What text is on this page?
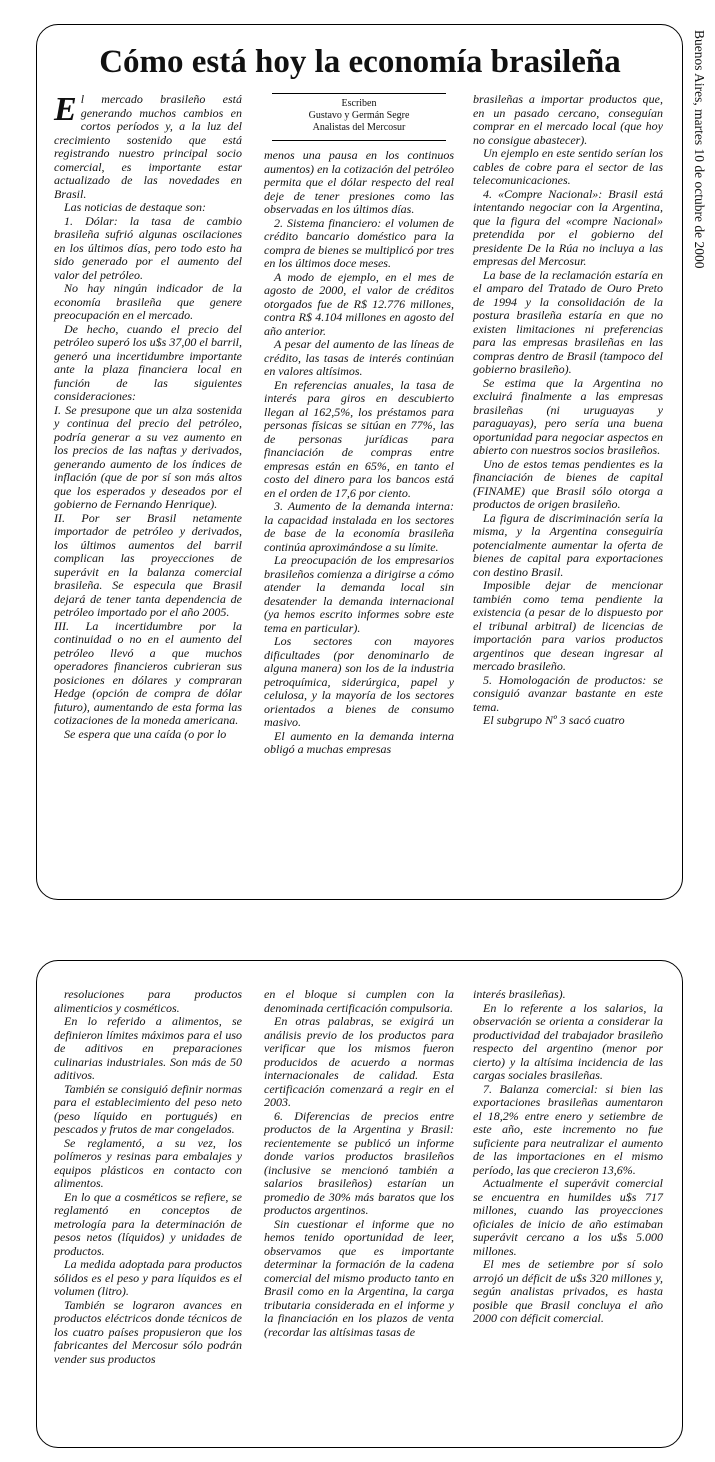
Buenos Aires, martes 10 de octubre de 2000
Cómo está hoy la economía brasileña

El mercado brasileño está generando muchos cambios en cortos períodos y, a la luz del crecimiento sostenido que está registrando nuestro principal socio comercial, es importante estar actualizado de las novedades en Brasil.

Las noticias de destaque son:

1. Dólar: la tasa de cambio brasileña sufrió algunas oscilaciones en los últimos días, pero todo esto ha sido generado por el aumento del valor del petróleo.

No hay ningún indicador de la economía brasileña que genere preocupación en el mercado.

De hecho, cuando el precio del petróleo superó los u$s 37,00 el barril, generó una incertidumbre importante ante la plaza financiera local en función de las siguientes consideraciones:

I. Se presupone que un alza sostenida y continua del precio del petróleo, podría generar a su vez aumento en los precios de las naftas y derivados, generando aumento de los índices de inflación (que de por sí son más altos que los esperados y deseados por el gobierno de Fernando Henrique).

II. Por ser Brasil netamente importador de petróleo y derivados, los últimos aumentos del barril complican las proyecciones de superávit en la balanza comercial brasileña. Se especula que Brasil dejará de tener tanta dependencia de petróleo importado por el año 2005.

III. La incertidumbre por la continuidad o no en el aumento del petróleo llevó a que muchos operadores financieros cubrieran sus posiciones en dólares y compraran Hedge (opción de compra de dólar futuro), aumentando de esta forma las cotizaciones de la moneda americana.

Se espera que una caída (o por lo

Escriben
Gustavo y Germán Segre
Analistas del Mercosur

menos una pausa en los continuos aumentos) en la cotización del petróleo permita que el dólar respecto del real deje de tener presiones como las observadas en los últimos días.

2. Sistema financiero: el volumen de crédito bancario doméstico para la compra de bienes se multiplicó por tres en los últimos doce meses.

A modo de ejemplo, en el mes de agosto de 2000, el valor de créditos otorgados fue de R$ 12.776 millones, contra R$ 4.104 millones en agosto del año anterior.

A pesar del aumento de las líneas de crédito, las tasas de interés continúan en valores altísimos.

En referencias anuales, la tasa de interés para giros en descubierto llegan al 162,5%, los préstamos para personas físicas se sitúan en 77%, las de personas jurídicas para financiación de compras entre empresas están en 65%, en tanto el costo del dinero para los bancos está en el orden de 17,6 por ciento.

3. Aumento de la demanda interna: la capacidad instalada en los sectores de base de la economía brasileña continúa aproximándose a su límite.

La preocupación de los empresarios brasileños comienza a dirigirse a cómo atender la demanda local sin desatender la demanda internacional (ya hemos escrito informes sobre este tema en particular).

Los sectores con mayores dificultades (por denominarlo de alguna manera) son los de la industria petroquímica, siderúrgica, papel y celulosa, y la mayoría de los sectores orientados a bienes de consumo masivo.

El aumento en la demanda interna obligó a muchas empresas

brasileñas a importar productos que, en un pasado cercano, conseguían comprar en el mercado local (que hoy no consigue abastecer).

Un ejemplo en este sentido serían los cables de cobre para el sector de las telecomunicaciones.

4. «Compre Nacional»: Brasil está intentando negociar con la Argentina, que la figura del «compre Nacional» pretendida por el gobierno del presidente De la Rúa no incluya a las empresas del Mercosur.

La base de la reclamación estaría en el amparo del Tratado de Ouro Preto de 1994 y la consolidación de la postura brasileña estaría en que no existen limitaciones ni preferencias para las empresas brasileñas en las compras dentro de Brasil (tampoco del gobierno brasileño).

Se estima que la Argentina no excluirá finalmente a las empresas brasileñas (ni uruguayas y paraguayas), pero sería una buena oportunidad para negociar aspectos en abierto con nuestros socios brasileños.

Uno de estos temas pendientes es la financiación de bienes de capital (FINAME) que Brasil sólo otorga a productos de origen brasileño.

La figura de discriminación sería la misma, y la Argentina conseguiría potencialmente aumentar la oferta de bienes de capital para exportaciones con destino Brasil.

Imposible dejar de mencionar también como tema pendiente la existencia (a pesar de lo dispuesto por el tribunal arbitral) de licencias de importación para varios productos argentinos que desean ingresar al mercado brasileño.

5. Homologación de productos: se consiguió avanzar bastante en este tema.

El subgrupo Nº 3 sacó cuatro

resoluciones para productos alimenticios y cosméticos.

En lo referido a alimentos, se definieron límites máximos para el uso de aditivos en preparaciones culinarias industriales. Son más de 50 aditivos.

También se consiguió definir normas para el establecimiento del peso neto (peso líquido en portugués) en pescados y frutos de mar congelados.

Se reglamentó, a su vez, los polímeros y resinas para embalajes y equipos plásticos en contacto con alimentos.

En lo que a cosméticos se refiere, se reglamentó en conceptos de metrología para la determinación de pesos netos (líquidos) y unidades de productos.

La medida adoptada para productos sólidos es el peso y para líquidos es el volumen (litro).

También se lograron avances en productos eléctricos donde técnicos de los cuatro países propusieron que los fabricantes del Mercosur sólo podrán vender sus productos

en el bloque si cumplen con la denominada certificación compulsoria.

En otras palabras, se exigirá un análisis previo de los productos para verificar que los mismos fueron producidos de acuerdo a normas internacionales de calidad. Esta certificación comenzará a regir en el 2003.

6. Diferencias de precios entre productos de la Argentina y Brasil: recientemente se publicó un informe donde varios productos brasileños (inclusive se mencionó también a salarios brasileños) estarían un promedio de 30% más baratos que los productos argentinos.

Sin cuestionar el informe que no hemos tenido oportunidad de leer, observamos que es importante determinar la formación de la cadena comercial del mismo producto tanto en Brasil como en la Argentina, la carga tributaria considerada en el informe y la financiación en los plazos de venta (recordar las altísimas tasas de

interés brasileñas).

En lo referente a los salarios, la observación se orienta a considerar la productividad del trabajador brasileño respecto del argentino (menor por cierto) y la altísima incidencia de las cargas sociales brasileñas.

7. Balanza comercial: si bien las exportaciones brasileñas aumentaron el 18,2% entre enero y setiembre de este año, este incremento no fue suficiente para neutralizar el aumento de las importaciones en el mismo período, las que crecieron 13,6%.

Actualmente el superávit comercial se encuentra en humildes u$s 717 millones, cuando las proyecciones oficiales de inicio de año estimaban superávit cercano a los u$s 5.000 millones.

El mes de setiembre por sí solo arrojó un déficit de u$s 320 millones y, según analistas privados, es hasta posible que Brasil concluya el año 2000 con déficit comercial.
